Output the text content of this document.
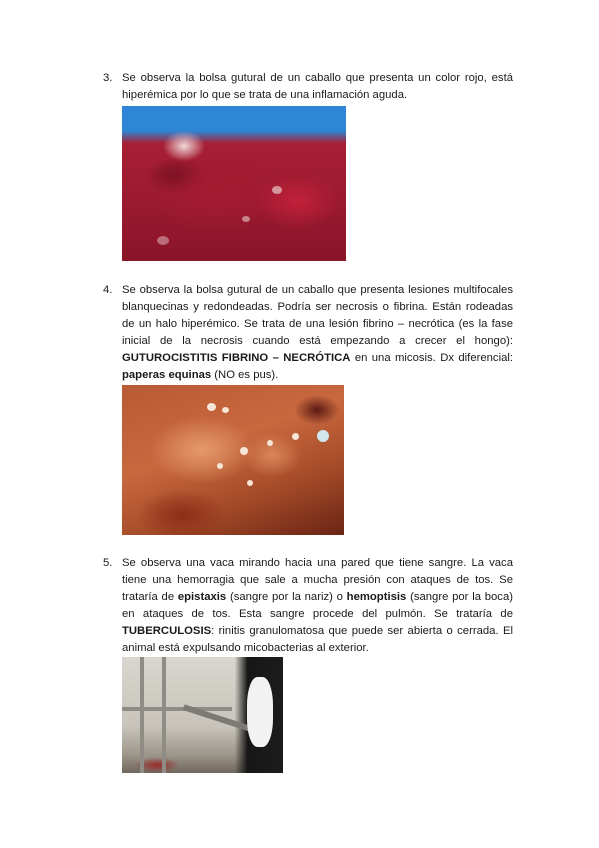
3. Se observa la bolsa gutural de un caballo que presenta un color rojo, está hiperémica por lo que se trata de una inflamación aguda.
4. Se observa la bolsa gutural de un caballo que presenta lesiones multifocales blanquecinas y redondeadas. Podría ser necrosis o fibrina. Están rodeadas de un halo hiperémico. Se trata de una lesión fibrino – necrótica (es la fase inicial de la necrosis cuando está empezando a crecer el hongo): GUTUROCISTITIS FIBRINO – NECRÓTICA en una micosis. Dx diferencial: paperas equinas (NO es pus).
5. Se observa una vaca mirando hacia una pared que tiene sangre. La vaca tiene una hemorragia que sale a mucha presión con ataques de tos. Se trataría de epistaxis (sangre por la nariz) o hemoptisis (sangre por la boca) en ataques de tos. Esta sangre procede del pulmón. Se trataría de TUBERCULOSIS: rinitis granulomatosa que puede ser abierta o cerrada. El animal está expulsando micobacterias al exterior.
